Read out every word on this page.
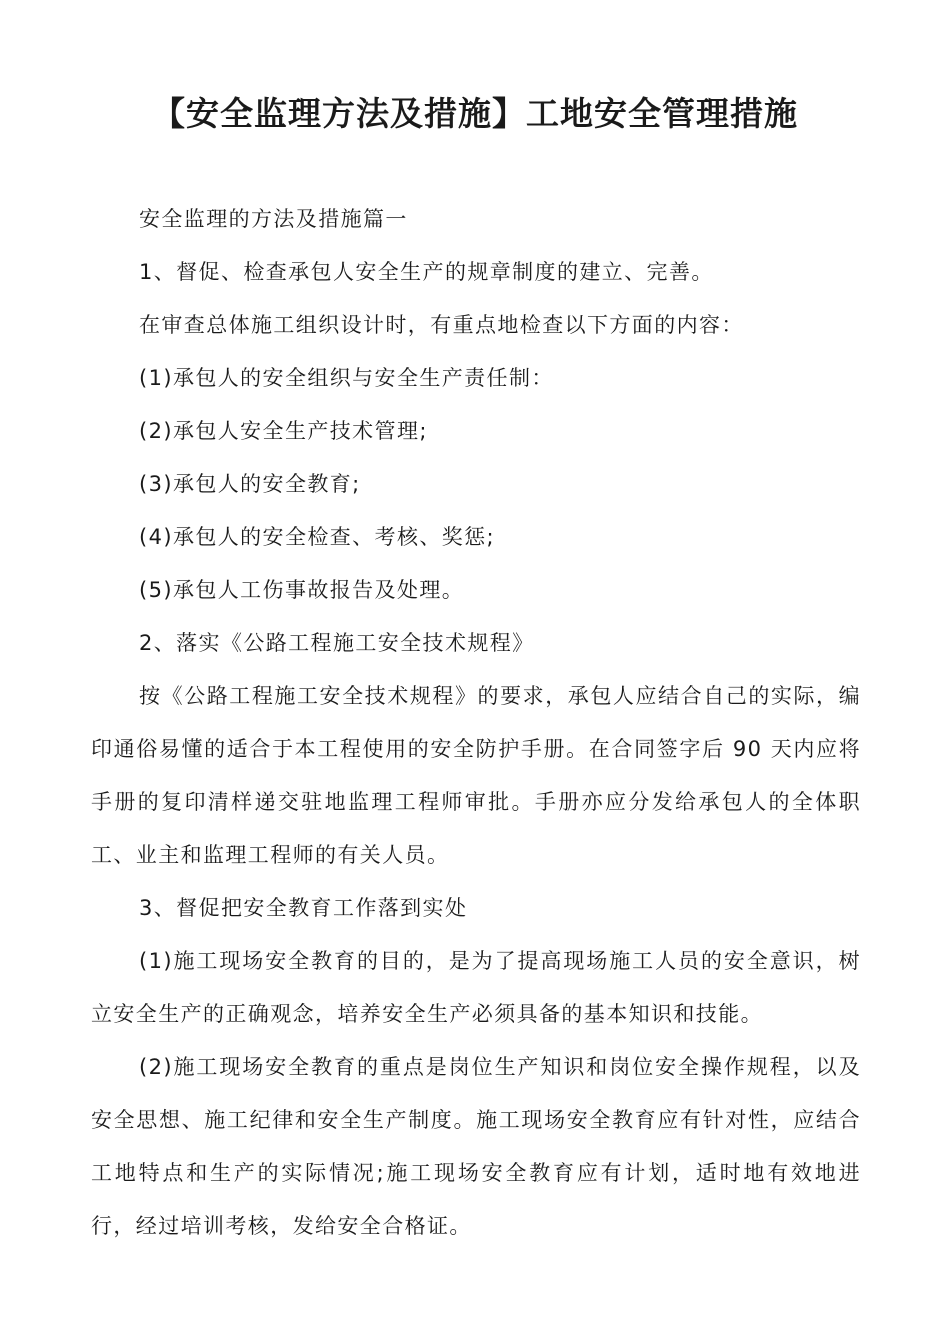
【安全监理方法及措施】工地安全管理措施

安全监理的方法及措施篇一

1、督促、检查承包人安全生产的规章制度的建立、完善。

在审查总体施工组织设计时，有重点地检查以下方面的内容：

(1)承包人的安全组织与安全生产责任制：

(2)承包人安全生产技术管理;

(3)承包人的安全教育;

(4)承包人的安全检查、考核、奖惩;

(5)承包人工伤事故报告及处理。

2、落实《公路工程施工安全技术规程》

按《公路工程施工安全技术规程》的要求，承包人应结合自己的实际，编印通俗易懂的适合于本工程使用的安全防护手册。在合同签字后 90 天内应将手册的复印清样递交驻地监理工程师审批。手册亦应分发给承包人的全体职工、业主和监理工程师的有关人员。

3、督促把安全教育工作落到实处

(1)施工现场安全教育的目的，是为了提高现场施工人员的安全意识，树立安全生产的正确观念，培养安全生产必须具备的基本知识和技能。

(2)施工现场安全教育的重点是岗位生产知识和岗位安全操作规程，以及安全思想、施工纪律和安全生产制度。施工现场安全教育应有针对性，应结合工地特点和生产的实际情况;施工现场安全教育应有计划，适时地有效地进行，经过培训考核，发给安全合格证。
